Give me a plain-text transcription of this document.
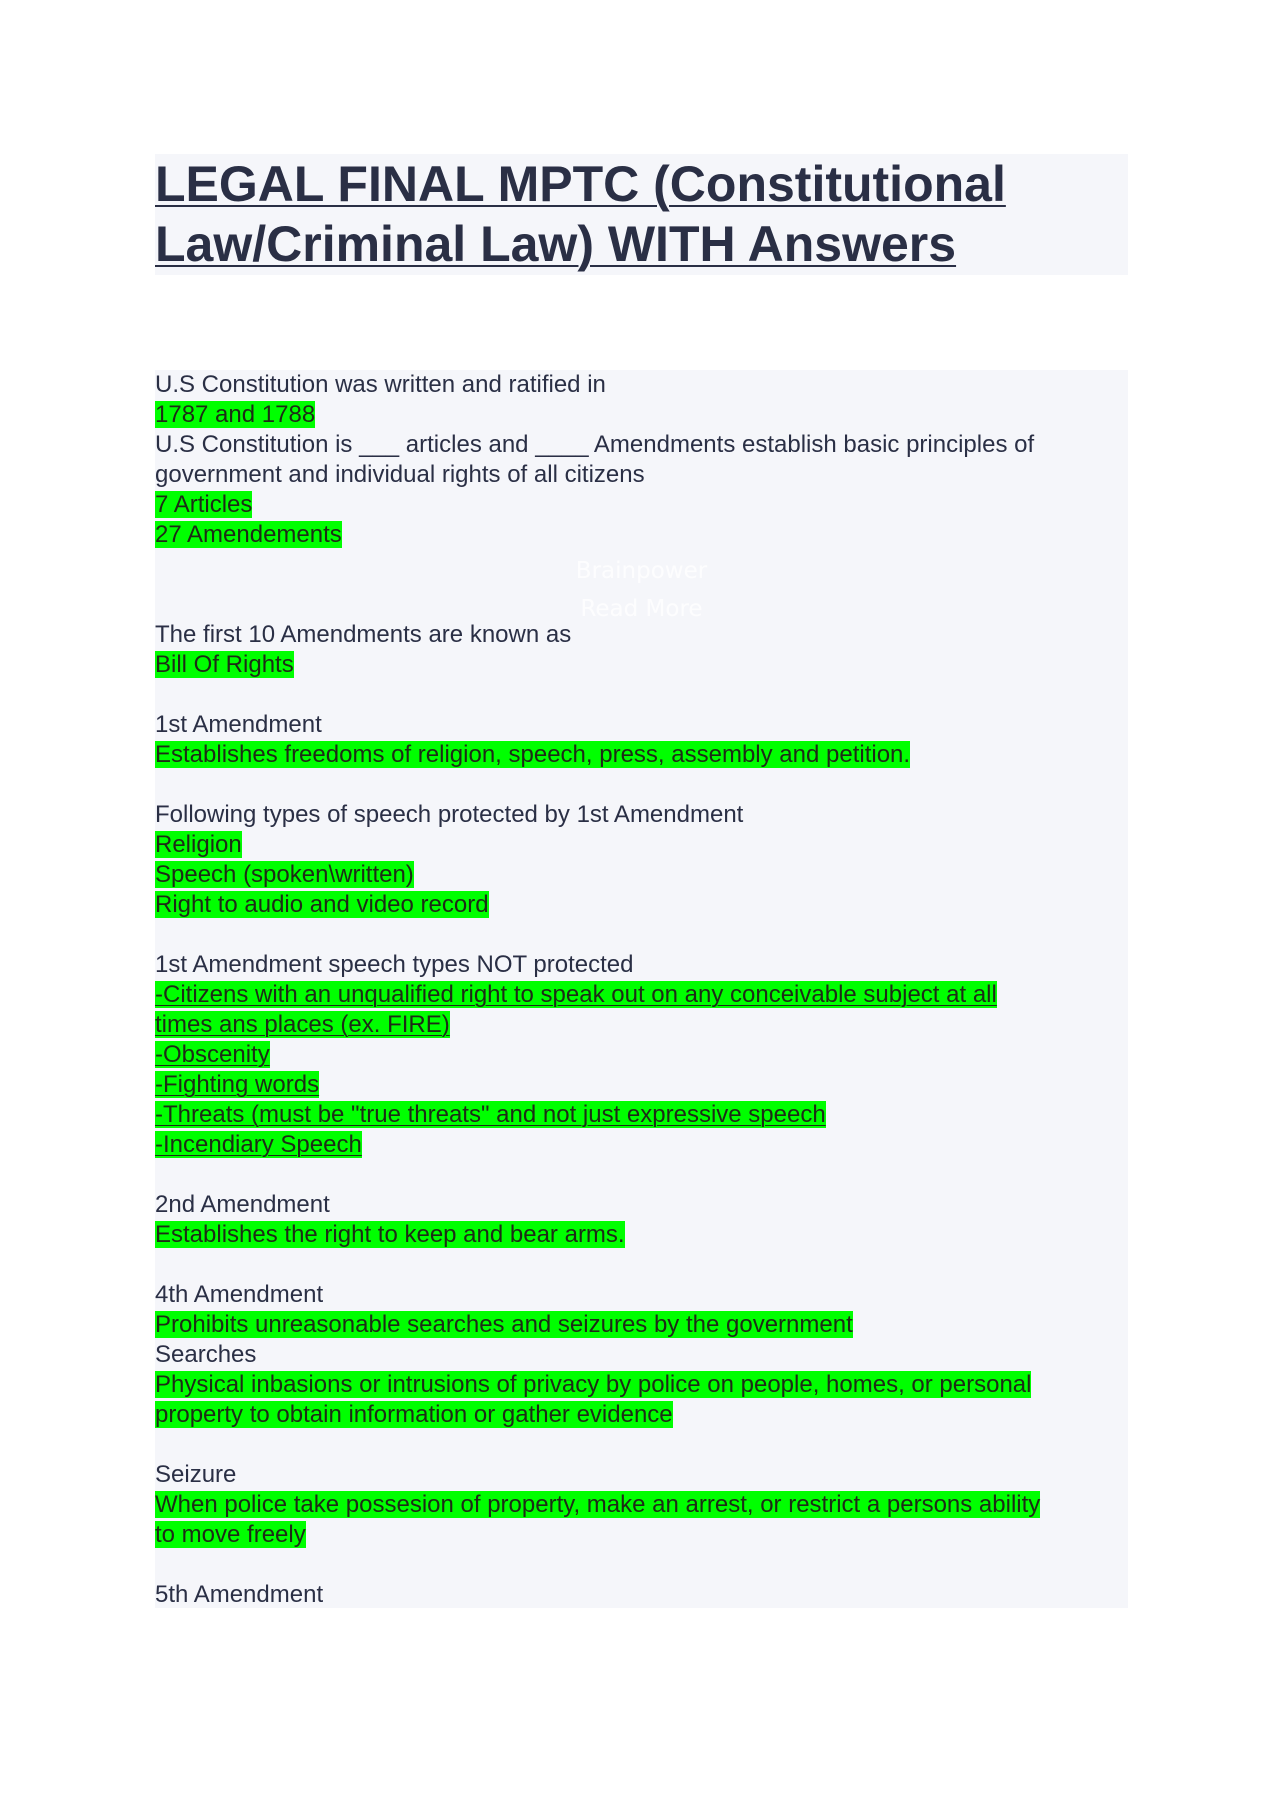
LEGAL FINAL MPTC (Constitutional
Law/Criminal Law) WITH Answers
U.S Constitution was written and ratified in
1787 and 1788
U.S Constitution is ___ articles and ____ Amendments establish basic principles of
government and individual rights of all citizens
7 Articles
27 Amendements
Brainpower
Read More
The first 10 Amendments are known as
Bill Of Rights
1st Amendment
Establishes freedoms of religion, speech, press, assembly and petition.
Following types of speech protected by 1st Amendment
Religion
Speech (spoken\written)
Right to audio and video record
1st Amendment speech types NOT protected
-Citizens with an unqualified right to speak out on any conceivable subject at all
times ans places (ex. FIRE)
-Obscenity
-Fighting words
-Threats (must be "true threats" and not just expressive speech
-Incendiary Speech
2nd Amendment
Establishes the right to keep and bear arms.
4th Amendment
Prohibits unreasonable searches and seizures by the government
Searches
Physical inbasions or intrusions of privacy by police on people, homes, or personal
property to obtain information or gather evidence
Seizure
When police take possesion of property, make an arrest, or restrict a persons ability
to move freely
5th Amendment
